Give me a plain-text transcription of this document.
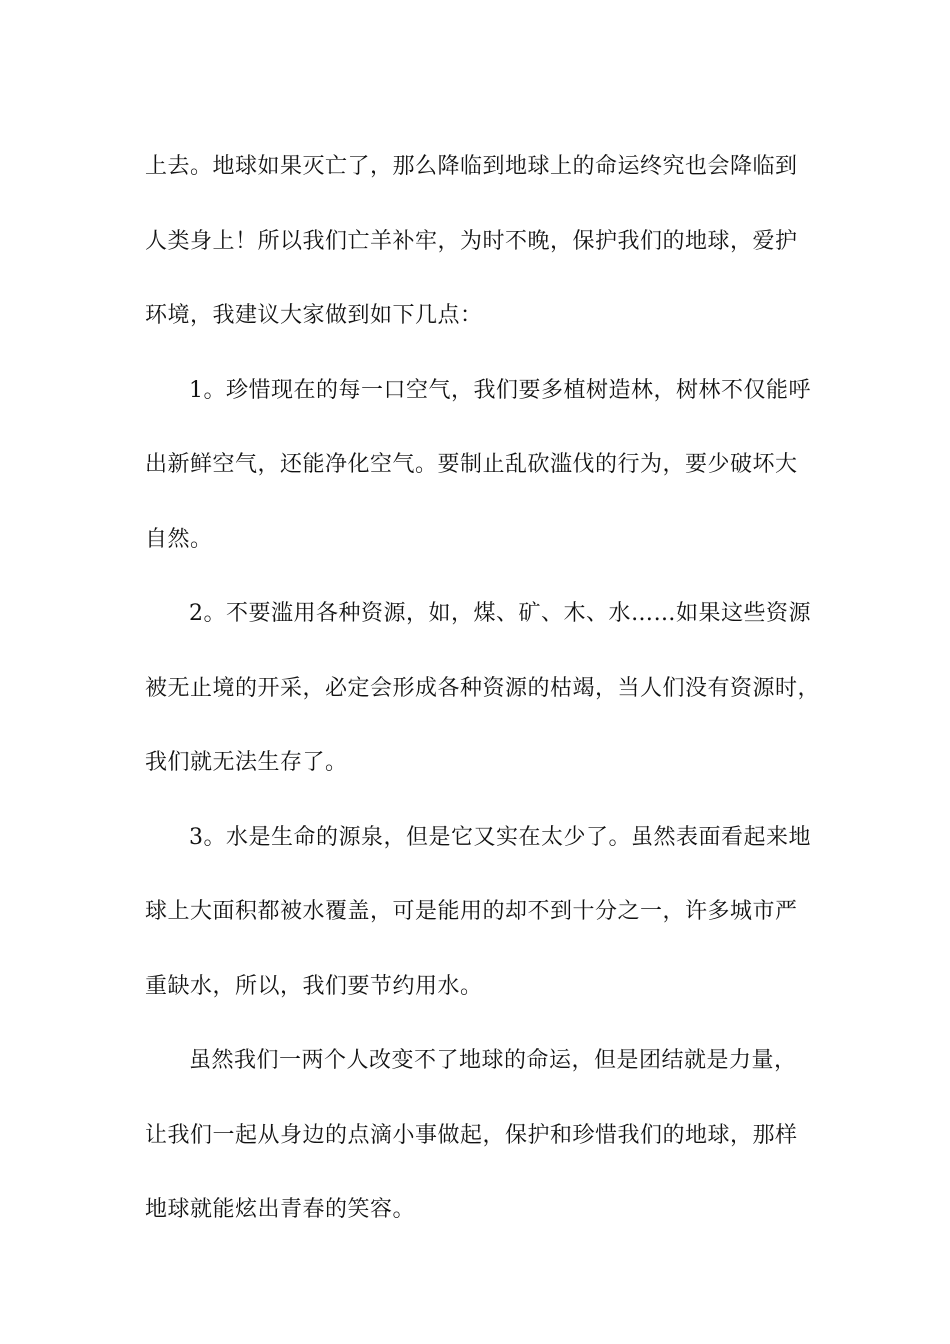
上去。地球如果灭亡了，那么降临到地球上的命运终究也会降临到
人类身上！所以我们亡羊补牢，为时不晚，保护我们的地球，爱护
环境，我建议大家做到如下几点：
1。珍惜现在的每一口空气，我们要多植树造林，树林不仅能呼
出新鲜空气，还能净化空气。要制止乱砍滥伐的行为，要少破坏大
自然。
2。不要滥用各种资源，如，煤、矿、木、水……如果这些资源
被无止境的开采，必定会形成各种资源的枯竭，当人们没有资源时，
我们就无法生存了。
3。水是生命的源泉，但是它又实在太少了。虽然表面看起来地
球上大面积都被水覆盖，可是能用的却不到十分之一，许多城市严
重缺水，所以，我们要节约用水。
虽然我们一两个人改变不了地球的命运，但是团结就是力量，
让我们一起从身边的点滴小事做起，保护和珍惜我们的地球，那样
地球就能炫出青春的笑容。
